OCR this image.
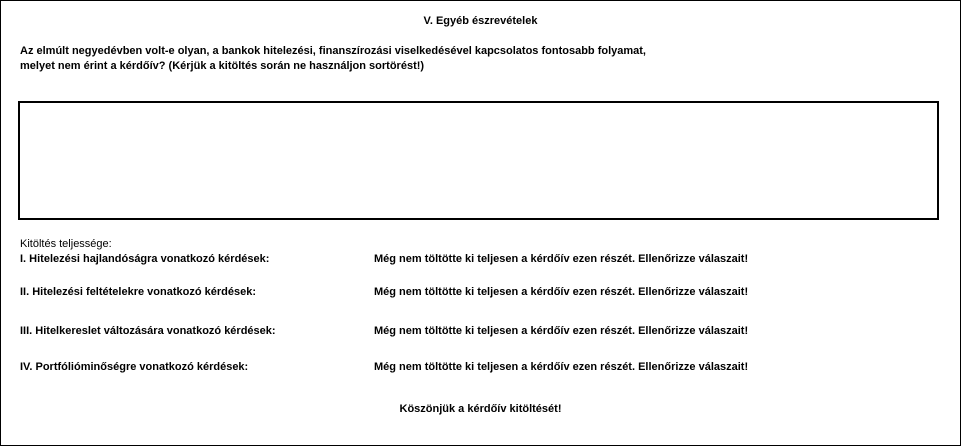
V. Egyéb észrevételek
Az elmúlt negyedévben volt-e olyan, a bankok hitelezési, finanszírozási viselkedésével kapcsolatos fontosabb folyamat,
melyet nem érint a kérdőív? (Kérjük a kitöltés során ne használjon sortörést!)
Kitöltés teljessége:
I. Hitelezési hajlandóságra vonatkozó kérdések:	Még nem töltötte ki teljesen a kérdőív ezen részét. Ellenőrizze válaszait!
II. Hitelezési feltételekre vonatkozó kérdések:	Még nem töltötte ki teljesen a kérdőív ezen részét. Ellenőrizze válaszait!
III. Hitelkereslet változására vonatkozó kérdések:	Még nem töltötte ki teljesen a kérdőív ezen részét. Ellenőrizze válaszait!
IV. Portfólióminőségre vonatkozó kérdések:	Még nem töltötte ki teljesen a kérdőív ezen részét. Ellenőrizze válaszait!
Köszönjük a kérdőív kitöltését!
